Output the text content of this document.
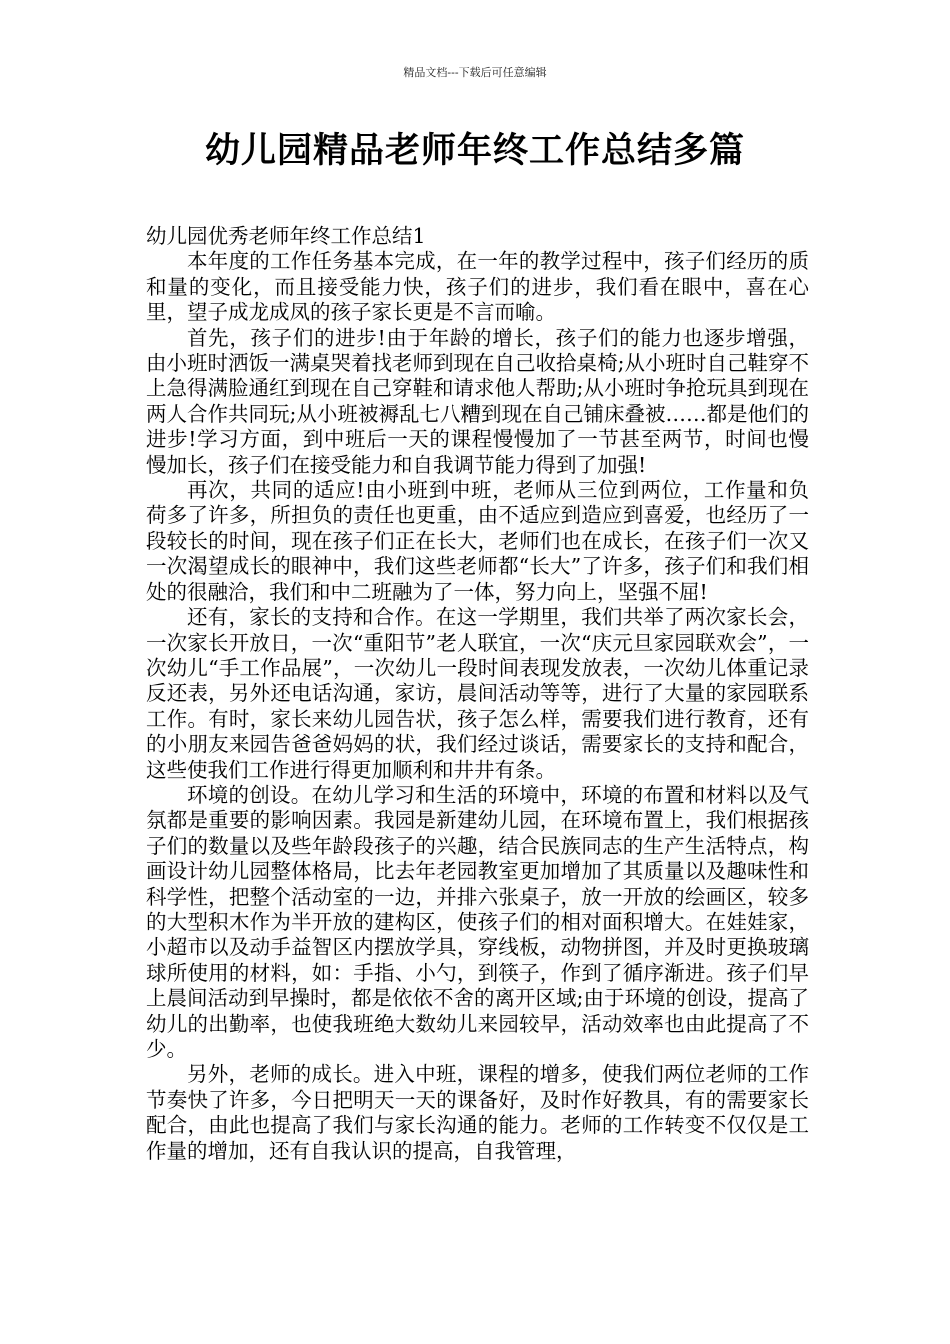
精品文档---下载后可任意编辑
幼儿园精品老师年终工作总结多篇

幼儿园优秀老师年终工作总结1

本年度的工作任务基本完成，在一年的教学过程中，孩子们经历的质和量的变化，而且接受能力快，孩子们的进步，我们看在眼中，喜在心里，望子成龙成凤的孩子家长更是不言而喻。

首先，孩子们的进步!由于年龄的增长，孩子们的能力也逐步增强，由小班时洒饭一满桌哭着找老师到现在自己收拾桌椅;从小班时自己鞋穿不上急得满脸通红到现在自己穿鞋和请求他人帮助;从小班时争抢玩具到现在两人合作共同玩;从小班被褥乱七八糟到现在自己铺床叠被……都是他们的进步!学习方面，到中班后一天的课程慢慢加了一节甚至两节，时间也慢慢加长，孩子们在接受能力和自我调节能力得到了加强!

再次，共同的适应!由小班到中班，老师从三位到两位，工作量和负荷多了许多，所担负的责任也更重，由不适应到造应到喜爱，也经历了一段较长的时间，现在孩子们正在长大，老师们也在成长，在孩子们一次又一次渴望成长的眼神中，我们这些老师都“长大”了许多，孩子们和我们相处的很融洽，我们和中二班融为了一体，努力向上，坚强不屈!

还有，家长的支持和合作。在这一学期里，我们共举了两次家长会，一次家长开放日，一次“重阳节”老人联宜，一次“庆元旦家园联欢会”，一次幼儿“手工作品展”，一次幼儿一段时间表现发放表，一次幼儿体重记录反还表，另外还电话沟通，家访，晨间活动等等，进行了大量的家园联系工作。有时，家长来幼儿园告状，孩子怎么样，需要我们进行教育，还有的小朋友来园告爸爸妈妈的状，我们经过谈话，需要家长的支持和配合，这些使我们工作进行得更加顺利和井井有条。

环境的创设。在幼儿学习和生活的环境中，环境的布置和材料以及气氛都是重要的影响因素。我园是新建幼儿园，在环境布置上，我们根据孩子们的数量以及些年龄段孩子的兴趣，结合民族同志的生产生活特点，构画设计幼儿园整体格局，比去年老园教室更加增加了其质量以及趣味性和科学性，把整个活动室的一边，并排六张桌子，放一开放的绘画区，较多的大型积木作为半开放的建构区，使孩子们的相对面积增大。在娃娃家，小超市以及动手益智区内摆放学具，穿线板，动物拼图，并及时更换玻璃球所使用的材料，如：手指、小勺，到筷子，作到了循序渐进。孩子们早上晨间活动到早操时，都是依依不舍的离开区域;由于环境的创设，提高了幼儿的出勤率，也使我班绝大数幼儿来园较早，活动效率也由此提高了不少。

另外，老师的成长。进入中班，课程的增多，使我们两位老师的工作节奏快了许多，今日把明天一天的课备好，及时作好教具，有的需要家长配合，由此也提高了我们与家长沟通的能力。老师的工作转变不仅仅是工作量的增加，还有自我认识的提高，自我管理，
